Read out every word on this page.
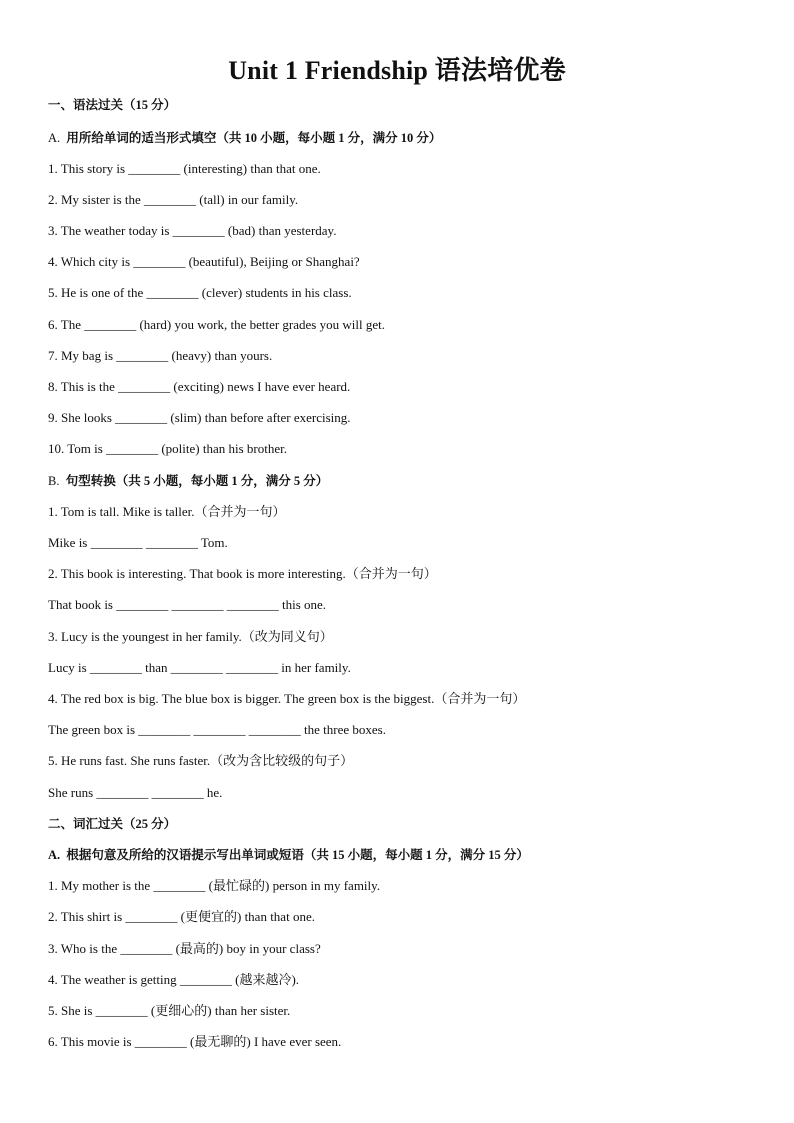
Unit 1 Friendship 语法培优卷
一、语法过关（15 分）
A. 用所给单词的适当形式填空（共 10 小题，每小题 1 分，满分 10 分）
1. This story is ________ (interesting) than that one.
2. My sister is the ________ (tall) in our family.
3. The weather today is ________ (bad) than yesterday.
4. Which city is ________ (beautiful), Beijing or Shanghai?
5. He is one of the ________ (clever) students in his class.
6. The ________ (hard) you work, the better grades you will get.
7. My bag is ________ (heavy) than yours.
8. This is the ________ (exciting) news I have ever heard.
9. She looks ________ (slim) than before after exercising.
10. Tom is ________ (polite) than his brother.
B. 句型转换（共 5 小题，每小题 1 分，满分 5 分）
1. Tom is tall. Mike is taller.（合并为一句）
Mike is ________ ________ Tom.
2. This book is interesting. That book is more interesting.（合并为一句）
That book is ________ ________ ________ this one.
3. Lucy is the youngest in her family.（改为同义句）
Lucy is ________ than ________ ________ in her family.
4. The red box is big. The blue box is bigger. The green box is the biggest.（合并为一句）
The green box is ________ ________ ________ the three boxes.
5. He runs fast. She runs faster.（改为含比较级的句子）
She runs ________ ________ he.
二、词汇过关（25 分）
A. 根据句意及所给的汉语提示写出单词或短语（共 15 小题，每小题 1 分，满分 15 分）
1. My mother is the ________ (最忙碌的) person in my family.
2. This shirt is ________ (更便宜的) than that one.
3. Who is the ________ (最高的) boy in your class?
4. The weather is getting ________ (越来越冷).
5. She is ________ (更细心的) than her sister.
6. This movie is ________ (最无聊的) I have ever seen.
